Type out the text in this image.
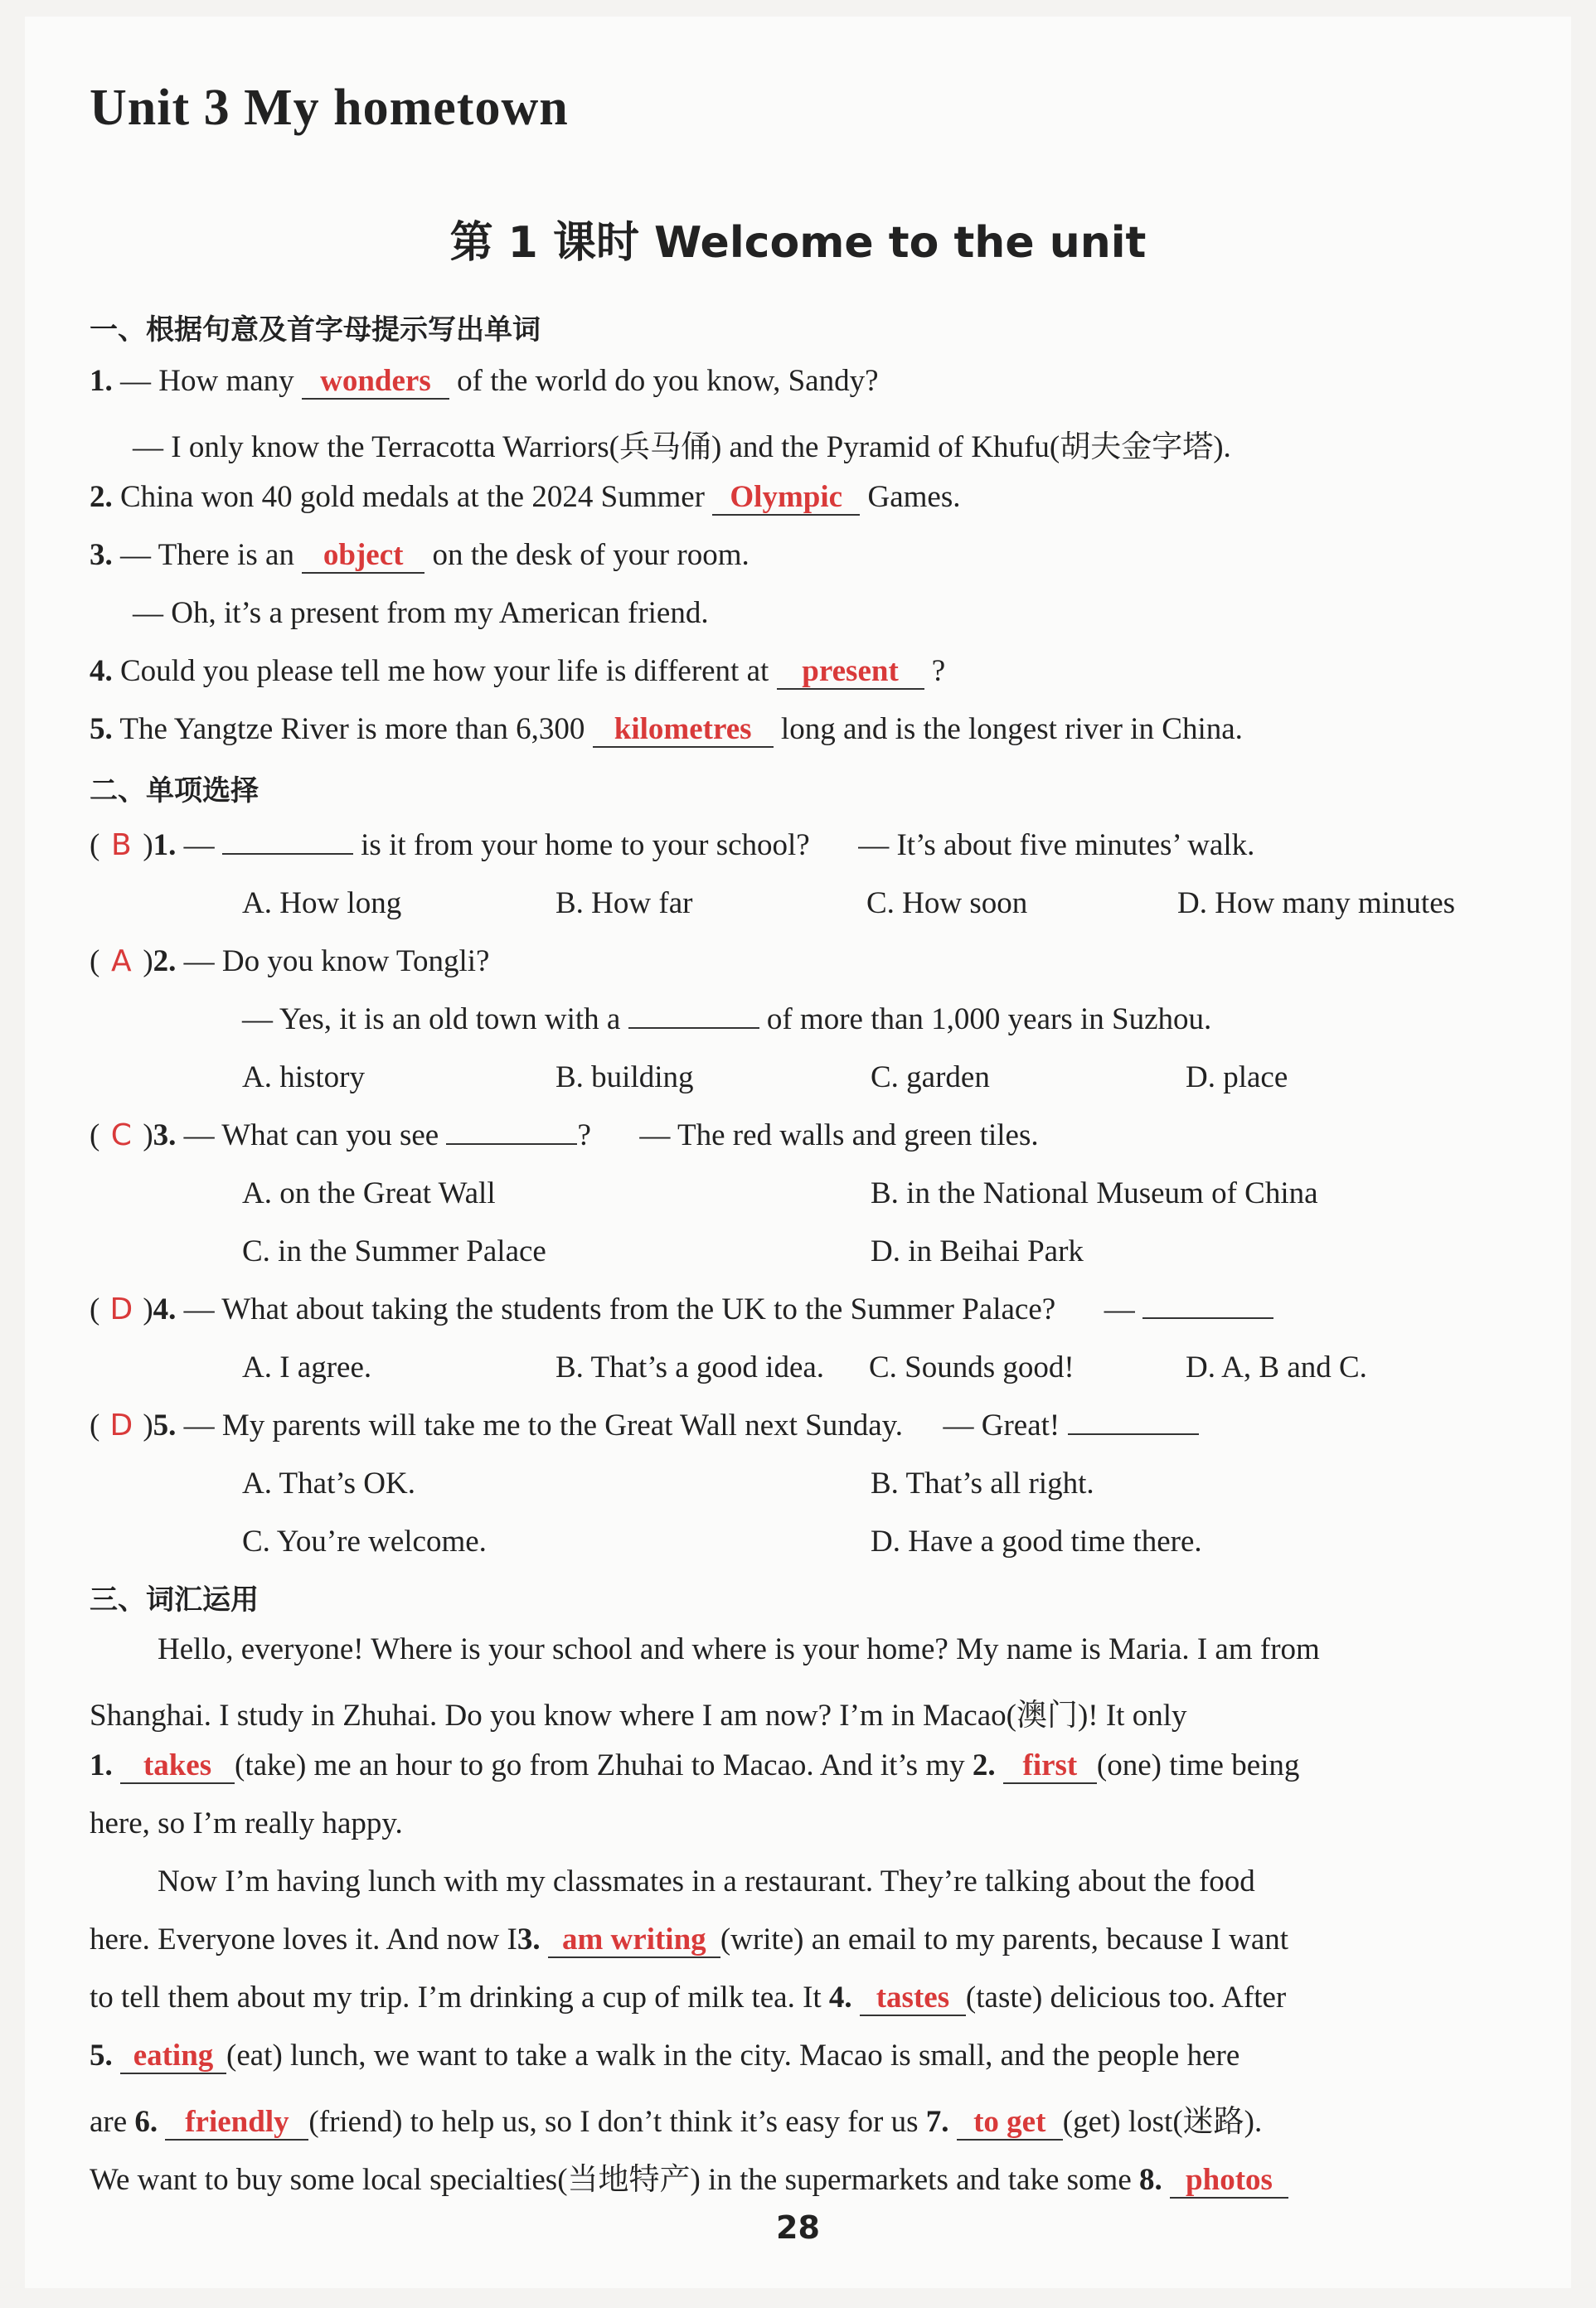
Unit 3 My hometown
第 1 课时 Welcome to the unit
一、根据句意及首字母提示写出单词
1. — How many wonders of the world do you know, Sandy?
— I only know the Terracotta Warriors(兵马俑) and the Pyramid of Khufu(胡夫金字塔).
2. China won 40 gold medals at the 2024 Summer Olympic Games.
3. — There is an object on the desk of your room.
— Oh, it’s a present from my American friend.
4. Could you please tell me how your life is different at present ?
5. The Yangtze River is more than 6,300 kilometres long and is the longest river in China.
二、单项选择
( B )1. —	is it from your home to your school? — It’s about five minutes’ walk.
A. How long	B. How far	C. How soon	D. How many minutes
( A )2. — Do you know Tongli?
— Yes, it is an old town with a	of more than 1,000 years in Suzhou.
A. history	B. building	C. garden	D. place
( C )3. — What can you see	? — The red walls and green tiles.
A. on the Great Wall	B. in the National Museum of China
C. in the Summer Palace	D. in Beihai Park
( D )4. — What about taking the students from the UK to the Summer Palace? —
A. I agree.	B. That’s a good idea. C. Sounds good!	D. A, B and C.
( D )5. — My parents will take me to the Great Wall next Sunday. — Great!
A. That’s OK.	B. That’s all right.
C. You’re welcome.	D. Have a good time there.
三、词汇运用
Hello, everyone! Where is your school and where is your home? My name is Maria. I am from
Shanghai. I study in Zhuhai. Do you know where I am now? I’m in Macao(澳门)! It only
1. takes (take) me an hour to go from Zhuhai to Macao. And it’s my 2. first (one) time being
here, so I’m really happy.
Now I’m having lunch with my classmates in a restaurant. They’re talking about the food
here. Everyone loves it. And now I3. am writing (write) an email to my parents, because I want
to tell them about my trip. I’m drinking a cup of milk tea. It 4. tastes (taste) delicious too. After
5. eating (eat) lunch, we want to take a walk in the city. Macao is small, and the people here
are 6. friendly (friend) to help us, so I don’t think it’s easy for us 7. to get (get) lost(迷路).
We want to buy some local specialties(当地特产) in the supermarkets and take some 8. photos
28
